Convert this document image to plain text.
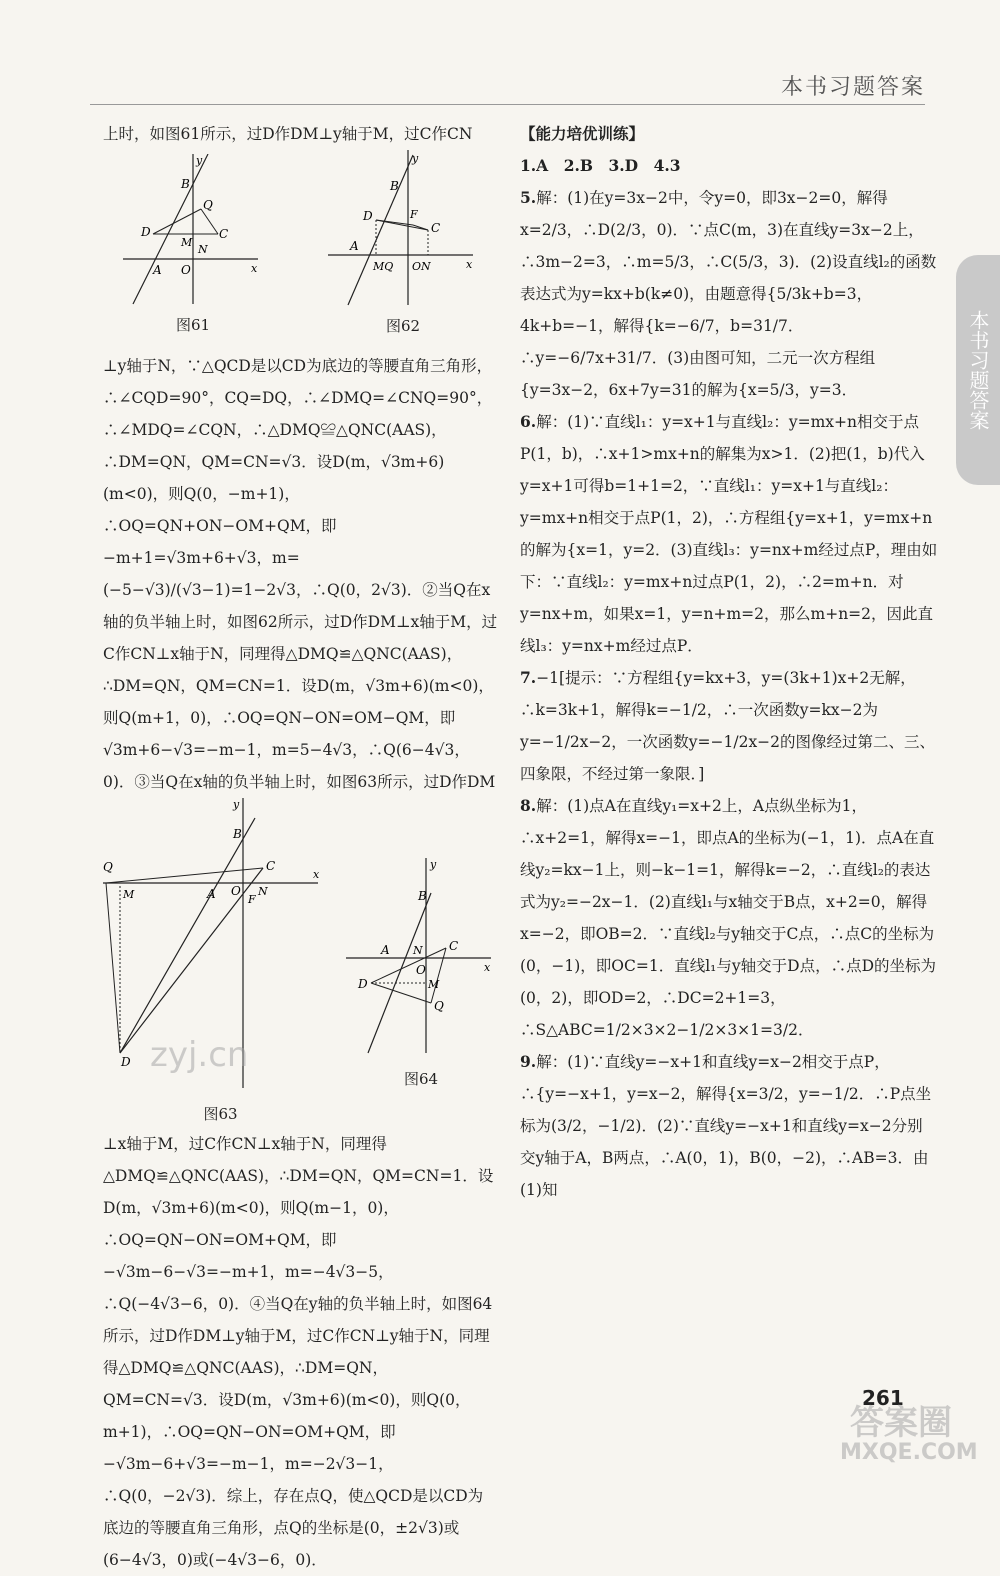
本书习题答案
本书习题答案

上时，如图61所示，过D作DM⊥y轴于M，过C作CN

x
y
B
Q
D
M
C
N
A O
图61
x
y
B
D	F
C
A
MQ ON
图62

⊥y轴于N，∵△QCD是以CD为底边的等腰直角三角形，∴∠CQD=90°，CQ=DQ，∴∠DMQ=∠CNQ=90°，∴∠MDQ=∠CQN，∴△DMQ≌△QNC(AAS)，∴DM=QN，QM=CN=√3．设D(m，√3m+6)(m<0)，则Q(0，−m+1)，∴OQ=QN+ON−OM+QM，即−m+1=√3m+6+√3，m=(−5−√3)/(√3−1)=1−2√3，∴Q(0，2√3)．②当Q在x轴的负半轴上时，如图62所示，过D作DM⊥x轴于M，过C作CN⊥x轴于N，同理得△DMQ≌△QNC(AAS)，∴DM=QN，QM=CN=1．设D(m，√3m+6)(m<0)，则Q(m+1，0)，∴OQ=QN−ON=OM−QM，即√3m+6−√3=−m−1，m=5−4√3，∴Q(6−4√3，0)．③当Q在x轴的负半轴上时，如图63所示，过D作DM

x
y
B
Q	C
M	A O
F
N
D
图63
x
y
B
A N C
O
D	M
Q
图64

⊥x轴于M，过C作CN⊥x轴于N，同理得△DMQ≌△QNC(AAS)，∴DM=QN，QM=CN=1．设D(m，√3m+6)(m<0)，则Q(m−1，0)，∴OQ=QN−ON=OM+QM，即−√3m−6−√3=−m+1，m=−4√3−5，∴Q(−4√3−6，0)．④当Q在y轴的负半轴上时，如图64所示，过D作DM⊥y轴于M，过C作CN⊥y轴于N，同理得△DMQ≌△QNC(AAS)，∴DM=QN，QM=CN=√3．设D(m，√3m+6)(m<0)，则Q(0，m+1)，∴OQ=QN−ON=OM+QM，即−√3m−6+√3=−m−1，m=−2√3−1，∴Q(0，−2√3)．综上，存在点Q，使△QCD是以CD为底边的等腰直角三角形，点Q的坐标是(0，±2√3)或(6−4√3，0)或(−4√3−6，0)．

【能力培优训练】

1.A　2.B　3.D　4.3

5.解：(1)在y=3x−2中，令y=0，即3x−2=0，解得x=2/3，∴D(2/3，0)．∵点C(m，3)在直线y=3x−2上，∴3m−2=3，∴m=5/3，∴C(5/3，3)．(2)设直线l₂的函数表达式为y=kx+b(k≠0)，由题意得{5/3k+b=3，4k+b=−1，解得{k=−6/7，b=31/7．∴y=−6/7x+31/7．(3)由图可知，二元一次方程组{y=3x−2，6x+7y=31的解为{x=5/3，y=3．

6.解：(1)∵直线l₁：y=x+1与直线l₂：y=mx+n相交于点P(1，b)，∴x+1>mx+n的解集为x>1．(2)把(1，b)代入y=x+1可得b=1+1=2，∵直线l₁：y=x+1与直线l₂：y=mx+n相交于点P(1，2)，∴方程组{y=x+1，y=mx+n的解为{x=1，y=2．(3)直线l₃：y=nx+m经过点P，理由如下：∵直线l₂：y=mx+n过点P(1，2)，∴2=m+n．对y=nx+m，如果x=1，y=n+m=2，那么m+n=2，因此直线l₃：y=nx+m经过点P．

7.−1[提示：∵方程组{y=kx+3，y=(3k+1)x+2无解，∴k=3k+1，解得k=−1/2，∴一次函数y=kx−2为y=−1/2x−2，一次函数y=−1/2x−2的图像经过第二、三、四象限，不经过第一象限．]

8.解：(1)点A在直线y₁=x+2上，A点纵坐标为1，∴x+2=1，解得x=−1，即点A的坐标为(−1，1)．点A在直线y₂=kx−1上，则−k−1=1，解得k=−2，∴直线l₂的表达式为y₂=−2x−1．(2)直线l₁与x轴交于B点，x+2=0，解得x=−2，即OB=2．∵直线l₂与y轴交于C点，∴点C的坐标为(0，−1)，即OC=1．直线l₁与y轴交于D点，∴点D的坐标为(0，2)，即OD=2，∴DC=2+1=3，∴S△ABC=1/2×3×2−1/2×3×1=3/2．

9.解：(1)∵直线y=−x+1和直线y=x−2相交于点P，∴{y=−x+1，y=x−2，解得{x=3/2，y=−1/2．∴P点坐标为(3/2，−1/2)．(2)∵直线y=−x+1和直线y=x−2分别交y轴于A，B两点，∴A(0，1)，B(0，−2)，∴AB=3．由(1)知

261
zyj.cn
MXQE.COM
答案圈
